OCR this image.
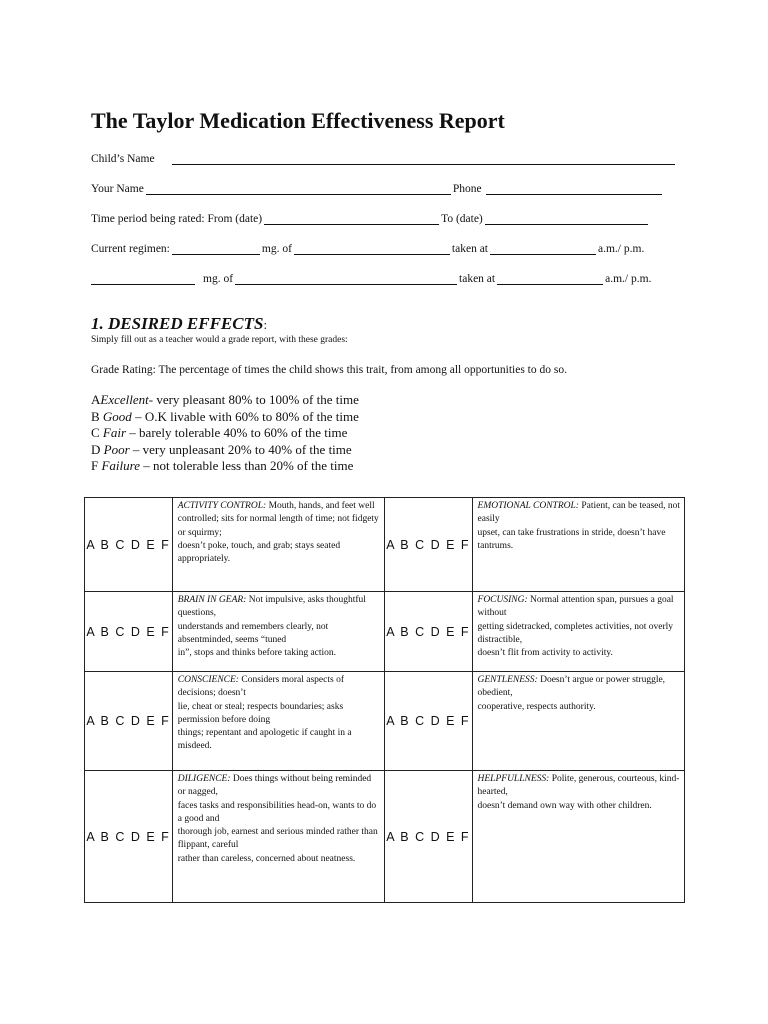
The Taylor Medication Effectiveness Report
Child’s Name
Your Name	Phone
Time period being rated: From (date)	To (date)
Current regimen:	mg. of	taken at	a.m./ p.m.
mg. of	taken at	a.m./ p.m.
1. DESIRED EFFECTS:
Simply fill out as a teacher would a grade report, with these grades:
Grade Rating: The percentage of times the child shows this trait, from among all opportunities to do so.
AExcellent- very pleasant 80% to 100% of the time
B Good – O.K livable with 60% to 80% of the time
C Fair – barely tolerable 40% to 60% of the time
D Poor – very unpleasant 20% to 40% of the time
F Failure – not tolerable less than 20% of the time
A B C D E F	ACTIVITY CONTROL: Mouth, hands, and feet well
controlled; sits for normal length of time; not fidgety or squirmy;
doesn’t poke, touch, and grab; stays seated appropriately.	A B C D E F	EMOTIONAL CONTROL: Patient, can be teased, not easily
upset, can take frustrations in stride, doesn’t have tantrums.
A B C D E F	BRAIN IN GEAR: Not impulsive, asks thoughtful questions,
understands and remembers clearly, not absentminded, seems “tuned
in”, stops and thinks before taking action.	A B C D E F	FOCUSING: Normal attention span, pursues a goal without
getting sidetracked, completes activities, not overly distractible,
doesn’t flit from activity to activity.
A B C D E F	CONSCIENCE: Considers moral aspects of decisions; doesn’t
lie, cheat or steal; respects boundaries; asks permission before doing
things; repentant and apologetic if caught in a misdeed.	A B C D E F	GENTLENESS: Doesn’t argue or power struggle, obedient,
cooperative, respects authority.
A B C D E F	DILIGENCE: Does things without being reminded or nagged,
faces tasks and responsibilities head-on, wants to do a good and
thorough job, earnest and serious minded rather than flippant, careful
rather than careless, concerned about neatness.	A B C D E F	HELPFULLNESS: Polite, generous, courteous, kind-hearted,
doesn’t demand own way with other children.
